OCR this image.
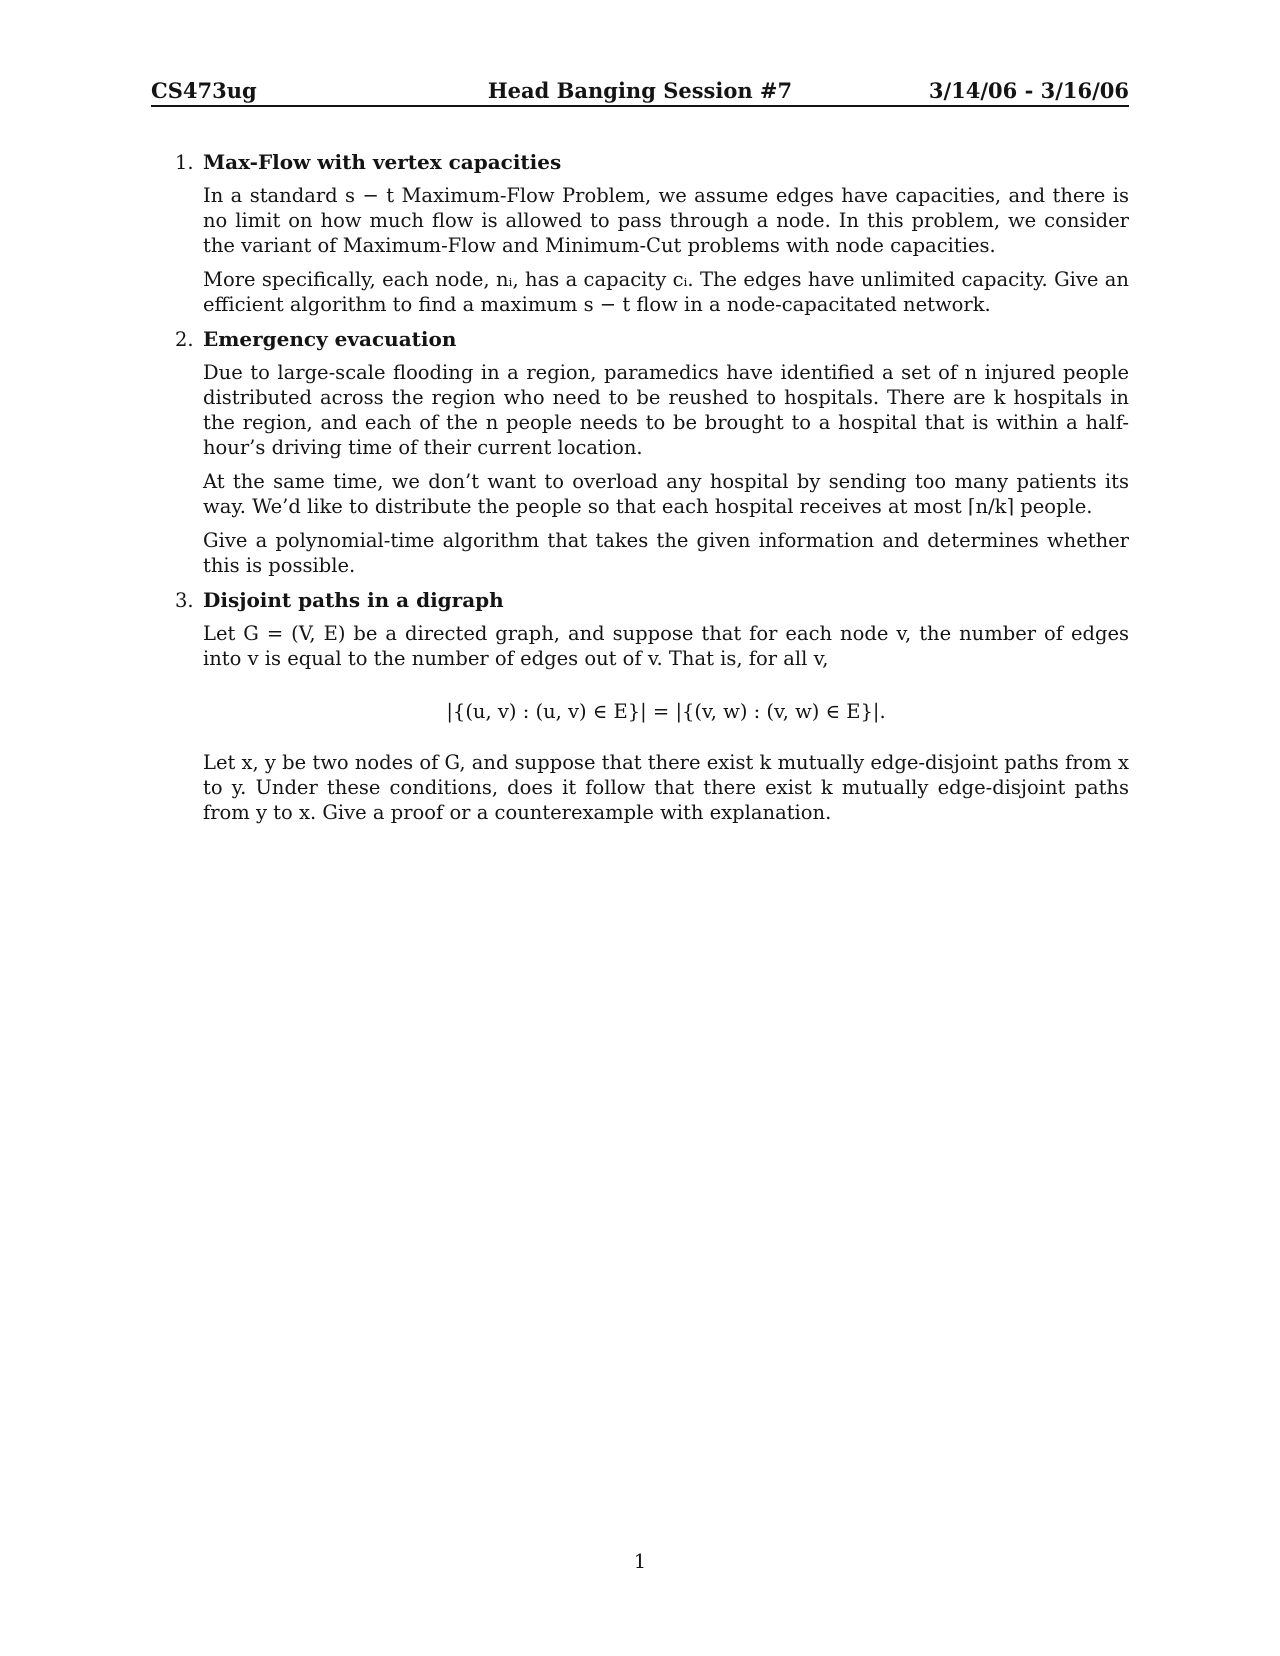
CS473ug	Head Banging Session #7	3/14/06 - 3/16/06
1. Max-Flow with vertex capacities

In a standard s − t Maximum-Flow Problem, we assume edges have capacities, and there is no limit on how much flow is allowed to pass through a node. In this problem, we consider the variant of Maximum-Flow and Minimum-Cut problems with node capacities.

More specifically, each node, nᵢ, has a capacity cᵢ. The edges have unlimited capacity. Give an efficient algorithm to find a maximum s − t flow in a node-capacitated network.

2. Emergency evacuation

Due to large-scale flooding in a region, paramedics have identified a set of n injured people distributed across the region who need to be reushed to hospitals. There are k hospitals in the region, and each of the n people needs to be brought to a hospital that is within a half-hour’s driving time of their current location.

At the same time, we don’t want to overload any hospital by sending too many patients its way. We’d like to distribute the people so that each hospital receives at most ⌈n/k⌉ people.

Give a polynomial-time algorithm that takes the given information and determines whether this is possible.

3. Disjoint paths in a digraph

Let G = (V, E) be a directed graph, and suppose that for each node v, the number of edges into v is equal to the number of edges out of v. That is, for all v,

|{(u, v) : (u, v) ∈ E}| = |{(v, w) : (v, w) ∈ E}|.

Let x, y be two nodes of G, and suppose that there exist k mutually edge-disjoint paths from x to y. Under these conditions, does it follow that there exist k mutually edge-disjoint paths from y to x. Give a proof or a counterexample with explanation.

1
